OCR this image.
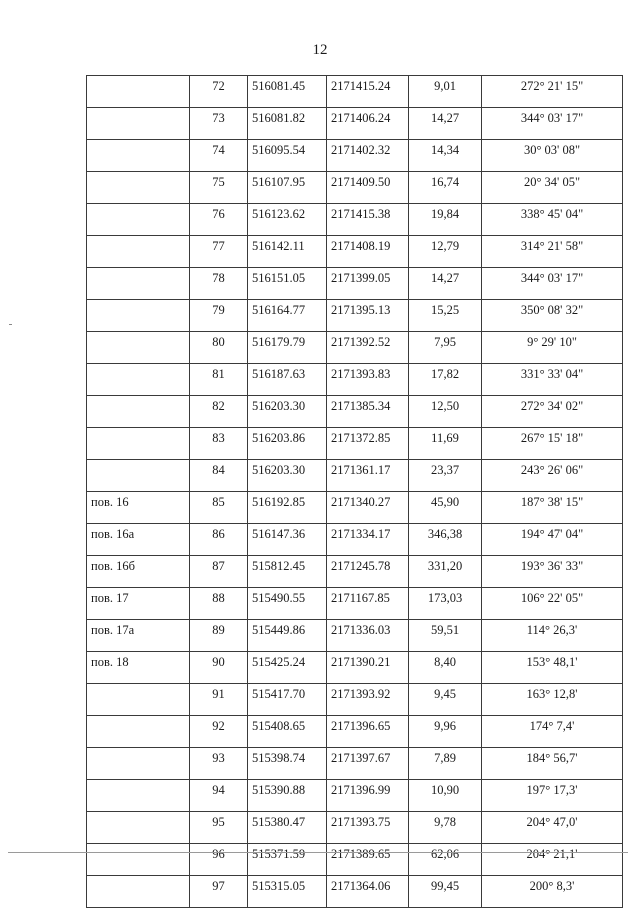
12
	72	516081.45	2171415.24	9,01	272° 21' 15"
	73	516081.82	2171406.24	14,27	344° 03' 17"
	74	516095.54	2171402.32	14,34	30° 03' 08"
	75	516107.95	2171409.50	16,74	20° 34' 05"
	76	516123.62	2171415.38	19,84	338° 45' 04"
	77	516142.11	2171408.19	12,79	314° 21' 58"
	78	516151.05	2171399.05	14,27	344° 03' 17"
	79	516164.77	2171395.13	15,25	350° 08' 32"
	80	516179.79	2171392.52	7,95	9° 29' 10"
	81	516187.63	2171393.83	17,82	331° 33' 04"
	82	516203.30	2171385.34	12,50	272° 34' 02"
	83	516203.86	2171372.85	11,69	267° 15' 18"
	84	516203.30	2171361.17	23,37	243° 26' 06"
пов. 16	85	516192.85	2171340.27	45,90	187° 38' 15"
пов. 16а	86	516147.36	2171334.17	346,38	194° 47' 04"
пов. 16б	87	515812.45	2171245.78	331,20	193° 36' 33"
пов. 17	88	515490.55	2171167.85	173,03	106° 22' 05"
пов. 17а	89	515449.86	2171336.03	59,51	114° 26,3'
пов. 18	90	515425.24	2171390.21	8,40	153° 48,1'
	91	515417.70	2171393.92	9,45	163° 12,8'
	92	515408.65	2171396.65	9,96	174° 7,4'
	93	515398.74	2171397.67	7,89	184° 56,7'
	94	515390.88	2171396.99	10,90	197° 17,3'
	95	515380.47	2171393.75	9,78	204° 47,0'
	96	515371.59	2171389.65	62,06	204° 21,1'
	97	515315.05	2171364.06	99,45	200° 8,3'
